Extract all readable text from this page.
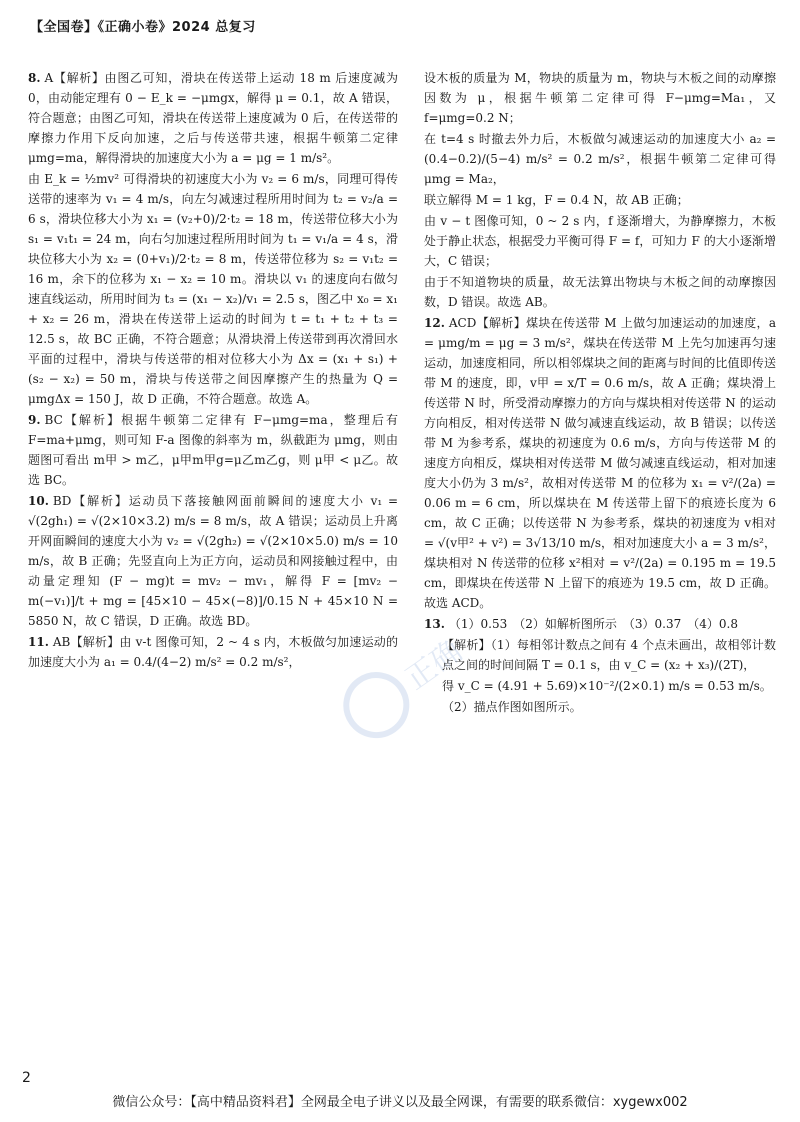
【全国卷】《正确小卷》2024 总复习
正确

8. A【解析】由图乙可知，滑块在传送带上运动 18 m 后速度减为 0，由动能定理有 0 − E_k = −μmgx，解得 μ = 0.1，故 A 错误，符合题意；由图乙可知，滑块在传送带上速度减为 0 后，在传送带的摩擦力作用下反向加速，之后与传送带共速，根据牛顿第二定律 μmg=ma，解得滑块的加速度大小为 a = μg = 1 m/s²。

由 E_k = ½mv² 可得滑块的初速度大小为 v₂ = 6 m/s，同理可得传送带的速率为 v₁ = 4 m/s，向左匀减速过程所用时间为 t₂ = v₂/a = 6 s，滑块位移大小为 x₁ = (v₂+0)/2·t₂ = 18 m，传送带位移大小为 s₁ = v₁t₁ = 24 m，向右匀加速过程所用时间为 t₁ = v₁/a = 4 s，滑块位移大小为 x₂ = (0+v₁)/2·t₂ = 8 m，传送带位移为 s₂ = v₁t₂ = 16 m，余下的位移为 x₁ − x₂ = 10 m。滑块以 v₁ 的速度向右做匀速直线运动，所用时间为 t₃ = (x₁ − x₂)/v₁ = 2.5 s，图乙中 x₀ = x₁ + x₂ = 26 m，滑块在传送带上运动的时间为 t = t₁ + t₂ + t₃ = 12.5 s，故 BC 正确，不符合题意；从滑块滑上传送带到再次滑回水平面的过程中，滑块与传送带的相对位移大小为 Δx = (x₁ + s₁) + (s₂ − x₂) = 50 m，滑块与传送带之间因摩擦产生的热量为 Q = μmgΔx = 150 J，故 D 正确，不符合题意。故选 A。

9. BC【解析】根据牛顿第二定律有 F−μmg=ma，整理后有 F=ma+μmg，则可知 F-a 图像的斜率为 m，纵截距为 μmg，则由题图可看出 m甲 > m乙，μ甲m甲g=μ乙m乙g，则 μ甲 < μ乙。故选 BC。

10. BD【解析】运动员下落接触网面前瞬间的速度大小 v₁ = √(2gh₁) = √(2×10×3.2) m/s = 8 m/s，故 A 错误；运动员上升离开网面瞬间的速度大小为 v₂ = √(2gh₂) = √(2×10×5.0) m/s = 10 m/s，故 B 正确；先竖直向上为正方向，运动员和网接触过程中，由动量定理知 (F − mg)t = mv₂ − mv₁，解得 F = [mv₂ − m(−v₁)]/t + mg = [45×10 − 45×(−8)]/0.15 N + 45×10 N = 5850 N，故 C 错误，D 正确。故选 BD。

11. AB【解析】由 v-t 图像可知，2 ~ 4 s 内，木板做匀加速运动的加速度大小为 a₁ = 0.4/(4−2) m/s² = 0.2 m/s²，

设木板的质量为 M，物块的质量为 m，物块与木板之间的动摩擦因数为 μ，根据牛顿第二定律可得 F−μmg=Ma₁，又 f=μmg=0.2 N；

在 t=4 s 时撤去外力后，木板做匀减速运动的加速度大小 a₂ = (0.4−0.2)/(5−4) m/s² = 0.2 m/s²，根据牛顿第二定律可得 μmg = Ma₂，

联立解得 M = 1 kg，F = 0.4 N，故 AB 正确；

由 v − t 图像可知，0 ~ 2 s 内，f 逐渐增大，为静摩擦力，木板处于静止状态，根据受力平衡可得 F = f，可知力 F 的大小逐渐增大，C 错误；

由于不知道物块的质量，故无法算出物块与木板之间的动摩擦因数，D 错误。故选 AB。

12. ACD【解析】煤块在传送带 M 上做匀加速运动的加速度，a = μmg/m = μg = 3 m/s²，煤块在传送带 M 上先匀加速再匀速运动，加速度相同，所以相邻煤块之间的距离与时间的比值即传送带 M 的速度，即，v甲 = x/T = 0.6 m/s，故 A 正确；煤块滑上传送带 N 时，所受滑动摩擦力的方向与煤块相对传送带 N 的运动方向相反，相对传送带 N 做匀减速直线运动，故 B 错误；以传送带 M 为参考系，煤块的初速度为 0.6 m/s，方向与传送带 M 的速度方向相反，煤块相对传送带 M 做匀减速直线运动，相对加速度大小仍为 3 m/s²，故相对传送带 M 的位移为 x₁ = v²/(2a) = 0.06 m = 6 cm，所以煤块在 M 传送带上留下的痕迹长度为 6 cm，故 C 正确；以传送带 N 为参考系，煤块的初速度为 v相对 = √(v甲² + v²) = 3√13/10 m/s，相对加速度大小 a = 3 m/s²，煤块相对 N 传送带的位移 x²相对 = v²/(2a) = 0.195 m = 19.5 cm，即煤块在传送带 N 上留下的痕迹为 19.5 cm，故 D 正确。故选 ACD。

13. （1）0.53　（2）如解析图所示　（3）0.37　（4）0.8

【解析】（1）每相邻计数点之间有 4 个点未画出，故相邻计数点之间的时间间隔 T = 0.1 s，由 v_C = (x₂ + x₃)/(2T)，

得 v_C = (4.91 + 5.69)×10⁻²/(2×0.1) m/s = 0.53 m/s。

（2）描点作图如图所示。

2
微信公众号：【高中精品资料君】全网最全电子讲义以及最全网课，有需要的联系微信：xygewx002
